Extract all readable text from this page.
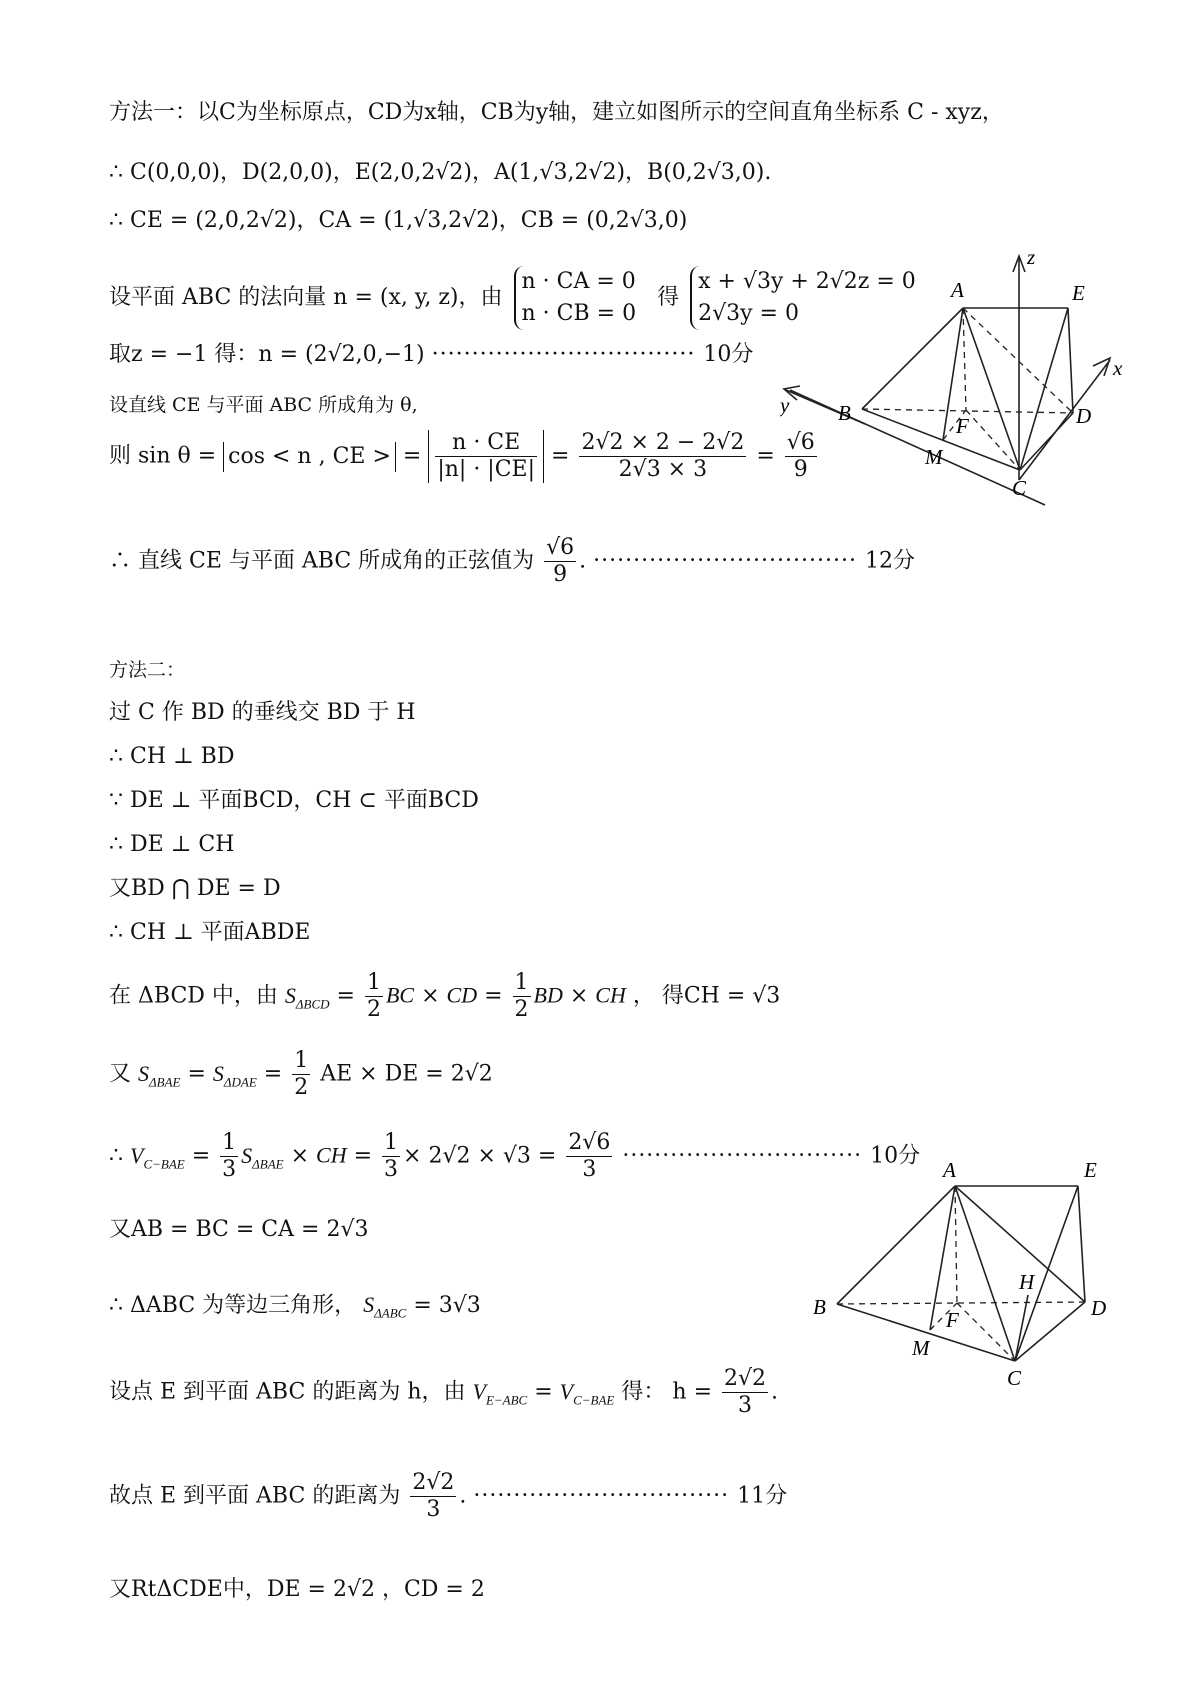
方法一：以C为坐标原点，CD为x轴，CB为y轴，建立如图所示的空间直角坐标系 C - xyz，
∴ C(0,0,0)，D(2,0,0)，E(2,0,2√2)，A(1,√3,2√2)，B(0,2√3,0).
∴ CE = (2,0,2√2)，CA = (1,√3,2√2)，CB = (0,2√3,0)
设平面 ABC 的法向量 n = (x, y, z)，由
n · CA = 0
n · CB = 0
得
x + √3y + 2√2z = 0
2√3y = 0
取z = −1 得：n = (2√2,0,−1) ································· 10分
设直线 CE 与平面 ABC 所成角为 θ,
则 sin θ = cos < n , CE > = $\frac{n \cdot CE}{|n| \cdot |CE|} = \frac{2√2 \times 2 - 2√2}{2√3 \times 3} = \frac{√6}{9}$
∴ 直线 CE 与平面 ABC 所成角的正弦值为 $\frac{√6}{9}$ . ································· 12分
方法二：
过 C 作 BD 的垂线交 BD 于 H
∴ CH ⊥ BD
∵ DE ⊥ 平面BCD，CH ⊂ 平面BCD
∴ DE ⊥ CH
又BD ⋂ DE = D
∴ CH ⊥ 平面ABDE
在 ΔBCD 中，由 $S_{\Delta BCD} = \frac{1}{2}$ BC × CD = $\frac{1}{2}$ BD × CH ， 得CH = √3
又 $S_{\Delta BAE} = S_{\Delta DAE} = \frac{1}{2}$ AE × DE = 2√2
∴ $V_{C-BAE} = \frac{1}{3} S_{\Delta BAE}$ × CH = $\frac{1}{3} \times 2√2 \times √3 = \frac{2√6}{3}$ ······························ 10分
又AB = BC = CA = 2√3
∴ ΔABC 为等边三角形， $S_{\Delta ABC} = 3√3$
设点 E 到平面 ABC 的距离为 h，由 $V_{E-ABC} = V_{C-BAE}$ 得： $h = \frac{2√2}{3}$ .
故点 E 到平面 ABC 的距离为 $\frac{2√2}{3}$ . ································ 11分
又RtΔCDE中，DE = 2√2 ，CD = 2
A	E
B	D
F
M
C
x
y
z
A	E
B	D
H
F
M
C
